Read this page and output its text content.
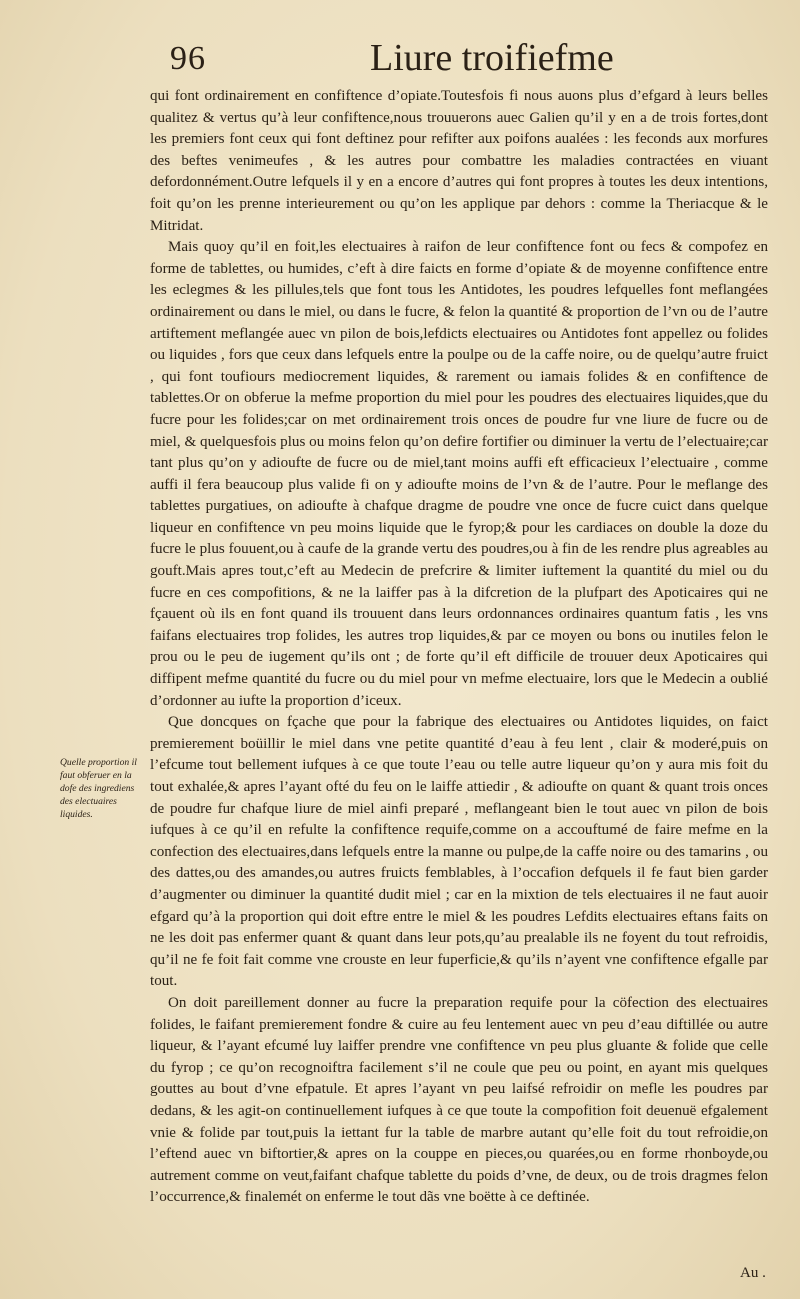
96	Liure troifiefme

qui font ordinairement en confiftence d’opiate.Toutesfois fi nous auons plus d’efgard à leurs belles qualitez & vertus qu’à leur confiftence,nous trouuerons auec Galien qu’il y en a de trois fortes,dont les premiers font ceux qui font deftinez pour refifter aux poifons aualées : les feconds aux morfures des beftes venimeufes , & les autres pour combattre les maladies contractées en viuant defordonnément.Outre lefquels il y en a encore d’autres qui font propres à toutes les deux intentions, foit qu’on les prenne interieurement ou qu’on les applique par dehors : comme la Theriacque & le Mitridat.

Mais quoy qu’il en foit,les electuaires à raifon de leur confiftence font ou fecs & compofez en forme de tablettes, ou humides, c’eft à dire faicts en forme d’opiate & de moyenne confiftence entre les eclegmes & les pillules,tels que font tous les Antidotes, les poudres lefquelles font meflangées ordinairement ou dans le miel, ou dans le fucre, & felon la quantité & proportion de l’vn ou de l’autre artiftement meflangée auec vn pilon de bois,lefdicts electuaires ou Antidotes font appellez ou folides ou liquides , fors que ceux dans lefquels entre la poulpe ou de la caffe noire, ou de quelqu’autre fruict , qui font toufiours mediocrement liquides, & rarement ou iamais folides & en confiftence de tablettes.Or on obferue la mefme proportion du miel pour les poudres des electuaires liquides,que du fucre pour les folides;car on met ordinairement trois onces de poudre fur vne liure de fucre ou de miel, & quelquesfois plus ou moins felon qu’on defire fortifier ou diminuer la vertu de l’electuaire;car tant plus qu’on y adioufte de fucre ou de miel,tant moins auffi eft efficacieux l’electuaire , comme auffi il fera beaucoup plus valide fi on y adioufte moins de l’vn & de l’autre. Pour le meflange des tablettes purgatiues, on adioufte à chafque dragme de poudre vne once de fucre cuict dans quelque liqueur en confiftence vn peu moins liquide que le fyrop;& pour les cardiaces on double la doze du fucre le plus fouuent,ou à caufe de la grande vertu des poudres,ou à fin de les rendre plus agreables au gouft.Mais apres tout,c’eft au Medecin de prefcrire & limiter iuftement la quantité du miel ou du fucre en ces compofitions, & ne la laiffer pas à la difcretion de la plufpart des Apoticaires qui ne fçauent où ils en font quand ils trouuent dans leurs ordonnances ordinaires quantum fatis , les vns faifans electuaires trop folides, les autres trop liquides,& par ce moyen ou bons ou inutiles felon le prou ou le peu de iugement qu’ils ont ; de forte qu’il eft difficile de trouuer deux Apoticaires qui diffipent mefme quantité du fucre ou du miel pour vn mefme electuaire, lors que le Medecin a oublié d’ordonner au iufte la proportion d’iceux.

Que doncques on fçache que pour la fabrique des electuaires ou Antidotes liquides, on faict premierement boüillir le miel dans vne petite quantité d’eau à feu lent , clair & moderé,puis on l’efcume tout bellement iufques à ce que toute l’eau ou telle autre liqueur qu’on y aura mis foit du tout exhalée,& apres l’ayant ofté du feu on le laiffe attiedir , & adioufte on quant & quant trois onces de poudre fur chafque liure de miel ainfi preparé , meflangeant bien le tout auec vn pilon de bois iufques à ce qu’il en refulte la confiftence requife,comme on a accouftumé de faire mefme en la confection des electuaires,dans lefquels entre la manne ou pulpe,de la caffe noire ou des tamarins , ou des dattes,ou des amandes,ou autres fruicts femblables, à l’occafion defquels il fe faut bien garder d’augmenter ou diminuer la quantité dudit miel ; car en la mixtion de tels electuaires il ne faut auoir efgard qu’à la proportion qui doit eftre entre le miel & les poudres Lefdits electuaires eftans faits on ne les doit pas enfermer quant & quant dans leur pots,qu’au prealable ils ne foyent du tout refroidis, qu’il ne fe foit fait comme vne crouste en leur fuperficie,& qu’ils n’ayent vne confiftence efgalle par tout.

On doit pareillement donner au fucre la preparation requife pour la cöfection des electuaires folides, le faifant premierement fondre & cuire au feu lentement auec vn peu d’eau diftillée ou autre liqueur, & l’ayant efcumé luy laiffer prendre vne confiftence vn peu plus gluante & folide que celle du fyrop ; ce qu’on recognoiftra facilement s’il ne coule que peu ou point, en ayant mis quelques gouttes au bout d’vne efpatule. Et apres l’ayant vn peu laifsé refroidir on mefle les poudres par dedans, & les agit-on continuellement iufques à ce que toute la compofition foit deuenuë efgalement vnie & folide par tout,puis la iettant fur la table de marbre autant qu’elle foit du tout refroidie,on l’eftend auec vn biftortier,& apres on la couppe en pieces,ou quarées,ou en forme rhonboyde,ou autrement comme on veut,faifant chafque tablette du poids d’vne, de deux, ou de trois dragmes felon l’occurrence,& finalemét on enferme le tout dãs vne boëtte à ce deftinée.

Quelle proportion il faut obferuer en la dofe des ingrediens des electuaires liquides.
Au .
